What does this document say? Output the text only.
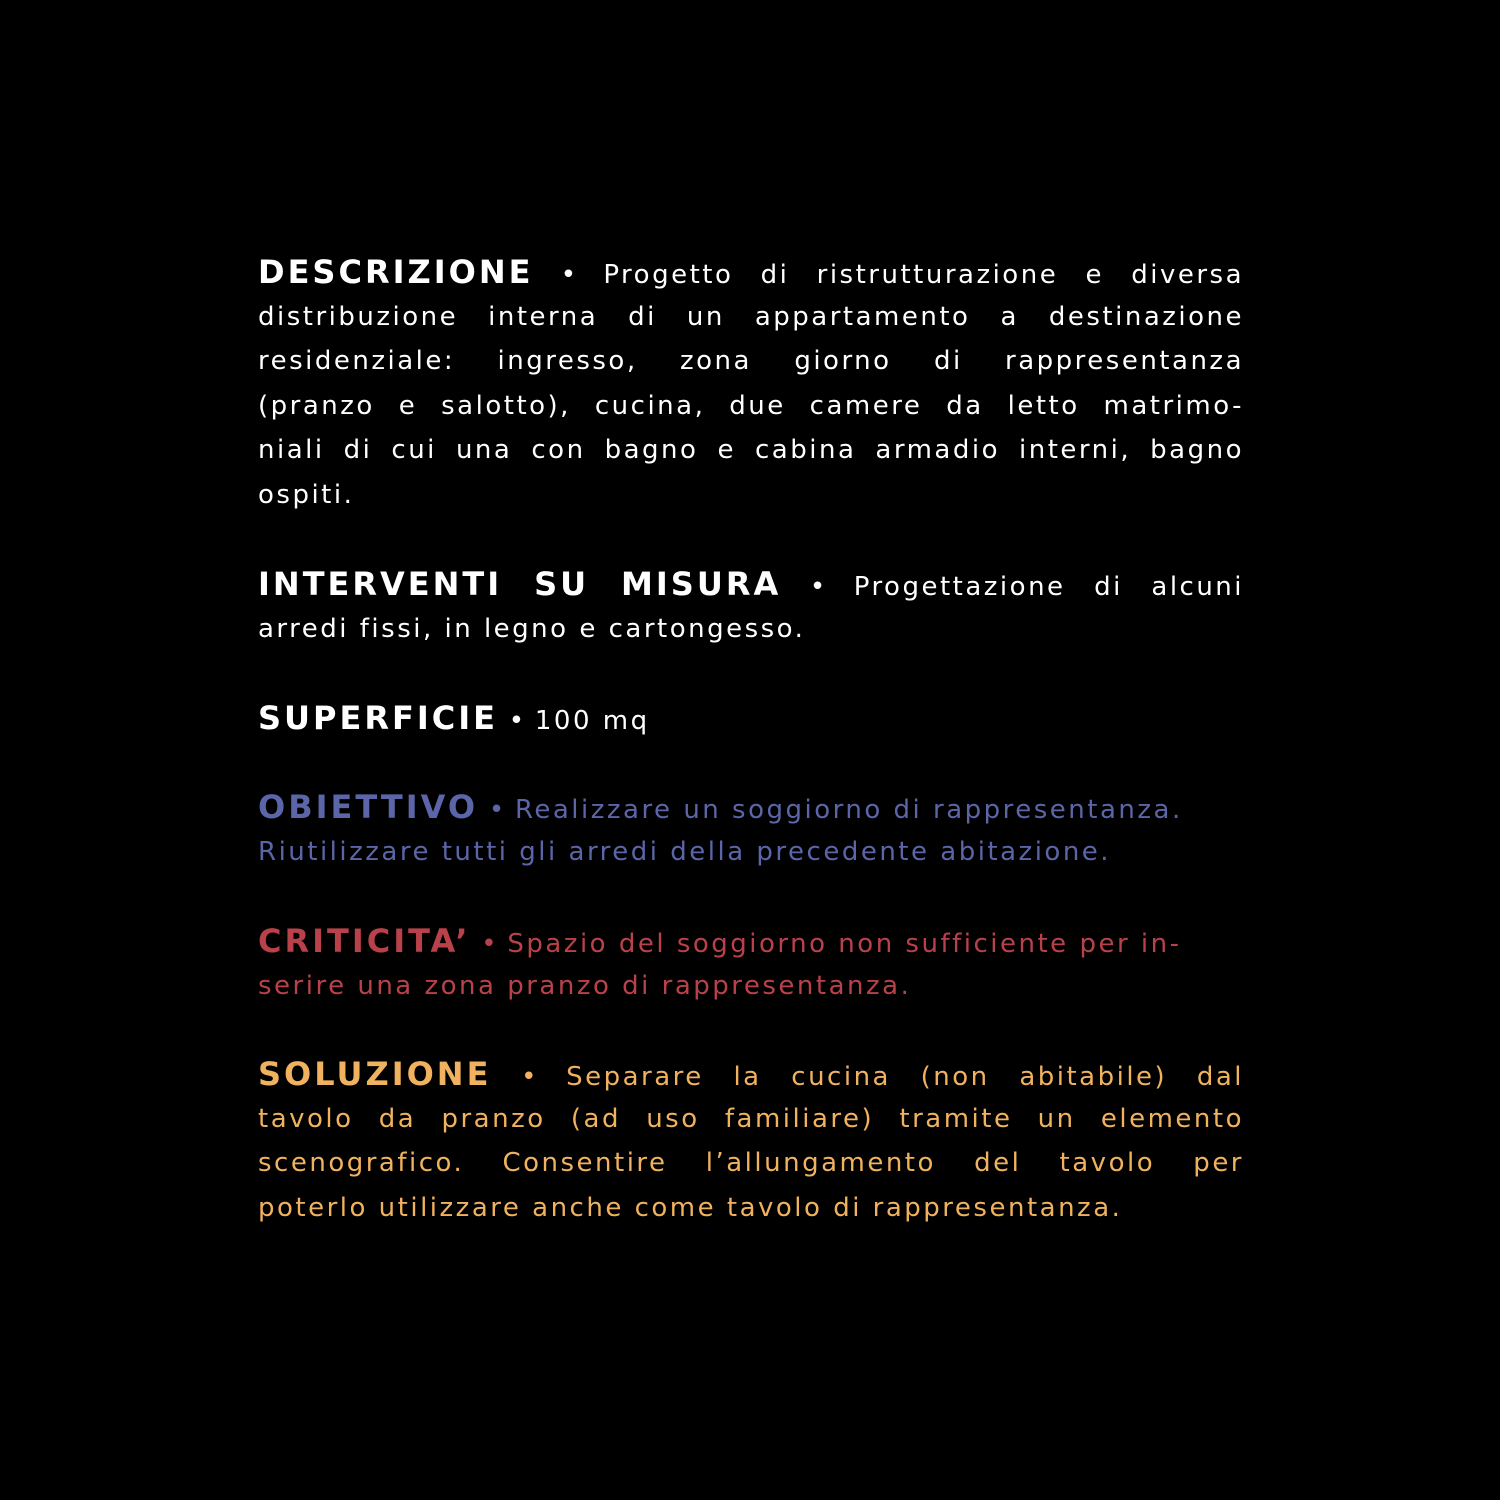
DESCRIZIONE • Progetto di ristrutturazione e diversa
distribuzione interna di un appartamento a destinazione
residenziale: ingresso, zona giorno di rappresentanza
(pranzo e salotto), cucina, due camere da letto matrimo-
niali di cui una con bagno e cabina armadio interni, bagno
ospiti.
INTERVENTI SU MISURA • Progettazione di alcuni
arredi fissi, in legno e cartongesso.
SUPERFICIE • 100 mq
OBIETTIVO • Realizzare un soggiorno di rappresentanza.
Riutilizzare tutti gli arredi della precedente abitazione.
CRITICITA’ • Spazio del soggiorno non sufficiente per in-
serire una zona pranzo di rappresentanza.
SOLUZIONE • Separare la cucina (non abitabile) dal
tavolo da pranzo (ad uso familiare) tramite un elemento
scenografico. Consentire l’allungamento del tavolo per
poterlo utilizzare anche come tavolo di rappresentanza.
